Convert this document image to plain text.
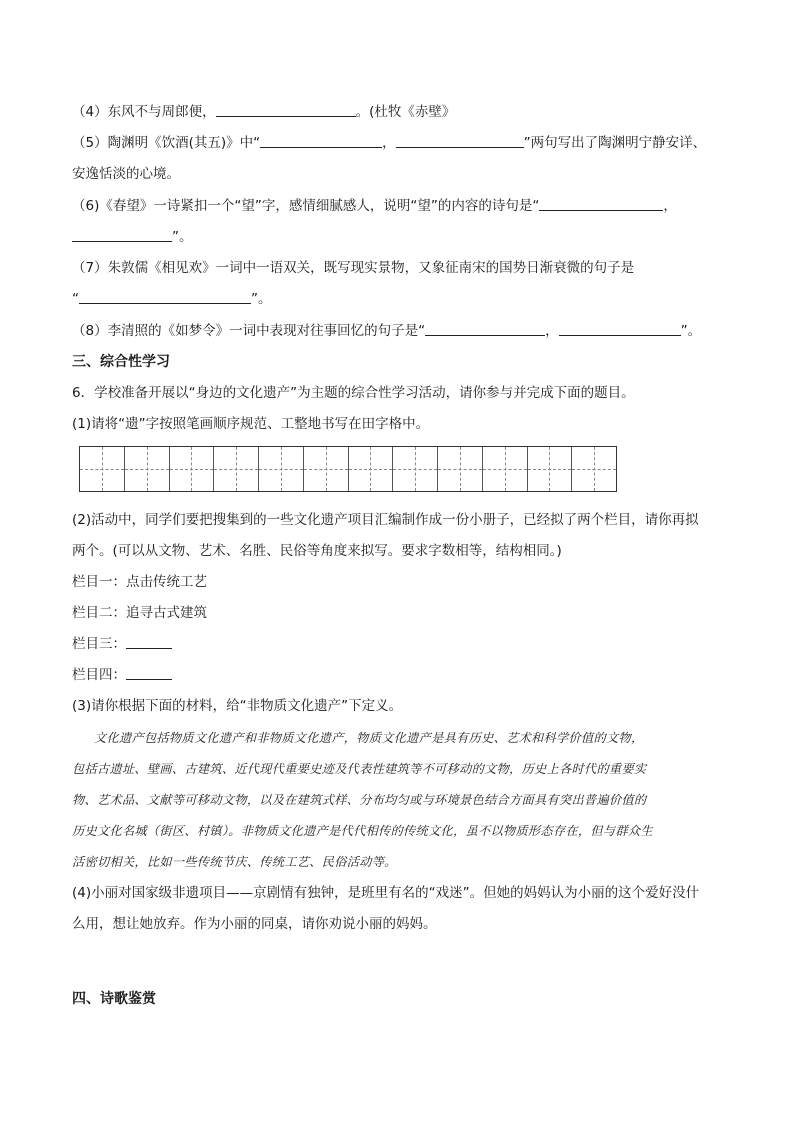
（4）东风不与周郎便，	。(杜牧《赤壁》
（5）陶渊明《饮酒(其五)》中“	，	”两句写出了陶渊明宁静安详、
安逸恬淡的心境。
（6)《春望》一诗紧扣一个“望”字，感情细腻感人，说明“望”的内容的诗句是“	，
”。
（7）朱敦儒《相见欢》一词中一语双关，既写现实景物，又象征南宋的国势日渐衰微的句子是
“	”。
（8）李清照的《如梦令》一词中表现对往事回忆的句子是“	，	”。
三、综合性学习
6．学校准备开展以“身边的文化遗产”为主题的综合性学习活动，请你参与并完成下面的题目。
(1)请将“遗”字按照笔画顺序规范、工整地书写在田字格中。
(2)活动中，同学们要把搜集到的一些文化遗产项目汇编制作成一份小册子，已经拟了两个栏目，请你再拟
两个。(可以从文物、艺术、名胜、民俗等角度来拟写。要求字数相等，结构相同。)
栏目一：点击传统工艺
栏目二：追寻古式建筑
栏目三：
栏目四：
(3)请你根据下面的材料，给“非物质文化遗产”下定义。
文化遗产包括物质文化遗产和非物质文化遗产，物质文化遗产是具有历史、艺术和科学价值的文物，
包括古遗址、壁画、古建筑、近代现代重要史迹及代表性建筑等不可移动的文物，历史上各时代的重要实
物、艺术品、文献等可移动文物，以及在建筑式样、分布均匀或与环境景色结合方面具有突出普遍价值的
历史文化名城（街区、村镇）。非物质文化遗产是代代相传的传统文化，虽不以物质形态存在，但与群众生
活密切相关，比如一些传统节庆、传统工艺、民俗活动等。
(4)小丽对国家级非遗项目——京剧情有独钟，是班里有名的“戏迷”。但她的妈妈认为小丽的这个爱好没什
么用，想让她放弃。作为小丽的同桌，请你劝说小丽的妈妈。
四、诗歌鉴赏
